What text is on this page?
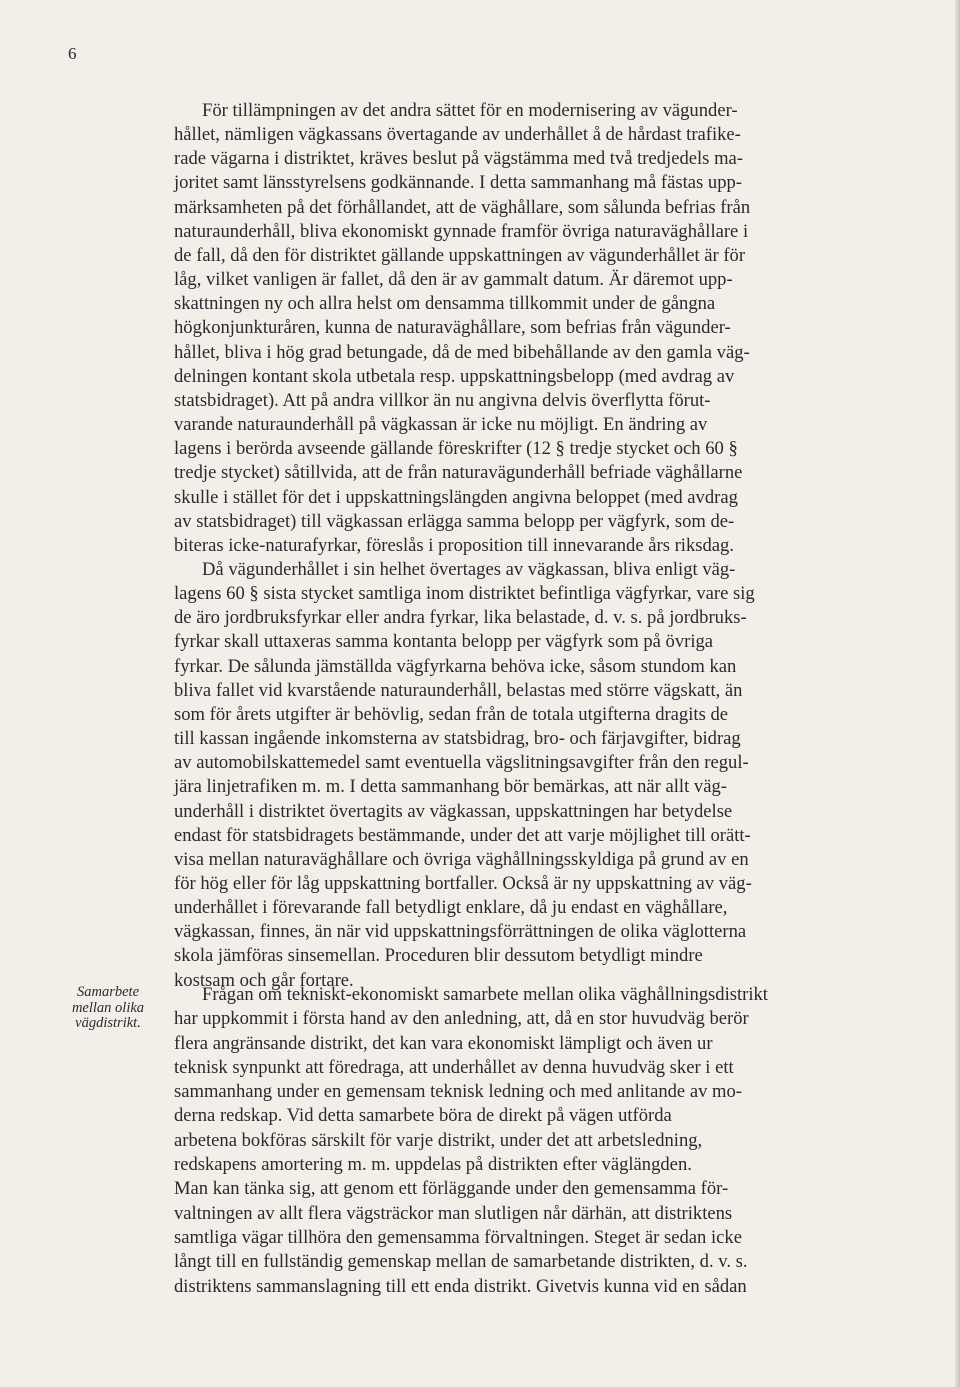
6
För tillämpningen av det andra sättet för en modernisering av vägunder-
hållet, nämligen vägkassans övertagande av underhållet å de hårdast trafike-
rade vägarna i distriktet, kräves beslut på vägstämma med två tredjedels ma-
joritet samt länsstyrelsens godkännande. I detta sammanhang må fästas upp-
märksamheten på det förhållandet, att de väghållare, som sålunda befrias från
naturaunderhåll, bliva ekonomiskt gynnade framför övriga naturaväghållare i
de fall, då den för distriktet gällande uppskattningen av vägunderhållet är för
låg, vilket vanligen är fallet, då den är av gammalt datum. Är däremot upp-
skattningen ny och allra helst om densamma tillkommit under de gångna
högkonjunkturåren, kunna de naturaväghållare, som befrias från vägunder-
hållet, bliva i hög grad betungade, då de med bibehållande av den gamla väg-
delningen kontant skola utbetala resp. uppskattningsbelopp (med avdrag av
statsbidraget). Att på andra villkor än nu angivna delvis överflytta förut-
varande naturaunderhåll på vägkassan är icke nu möjligt. En ändring av
lagens i berörda avseende gällande föreskrifter (12 § tredje stycket och 60 §
tredje stycket) såtillvida, att de från naturavägunderhåll befriade väghållarne
skulle i stället för det i uppskattningslängden angivna beloppet (med avdrag
av statsbidraget) till vägkassan erlägga samma belopp per vägfyrk, som de-
biteras icke-naturafyrkar, föreslås i proposition till innevarande års riksdag.
Då vägunderhållet i sin helhet övertages av vägkassan, bliva enligt väg-
lagens 60 § sista stycket samtliga inom distriktet befintliga vägfyrkar, vare sig
de äro jordbruksfyrkar eller andra fyrkar, lika belastade, d. v. s. på jordbruks-
fyrkar skall uttaxeras samma kontanta belopp per vägfyrk som på övriga
fyrkar. De sålunda jämställda vägfyrkarna behöva icke, såsom stundom kan
bliva fallet vid kvarstående naturaunderhåll, belastas med större vägskatt, än
som för årets utgifter är behövlig, sedan från de totala utgifterna dragits de
till kassan ingående inkomsterna av statsbidrag, bro- och färjavgifter, bidrag
av automobilskattemedel samt eventuella vägslitningsavgifter från den regul-
jära linjetrafiken m. m. I detta sammanhang bör bemärkas, att när allt väg-
underhåll i distriktet övertagits av vägkassan, uppskattningen har betydelse
endast för statsbidragets bestämmande, under det att varje möjlighet till orätt-
visa mellan naturaväghållare och övriga väghållningsskyldiga på grund av en
för hög eller för låg uppskattning bortfaller. Också är ny uppskattning av väg-
underhållet i förevarande fall betydligt enklare, då ju endast en väghållare,
vägkassan, finnes, än när vid uppskattningsförrättningen de olika väglotterna
skola jämföras sinsemellan. Proceduren blir dessutom betydligt mindre
kostsam och går fortare.
Samarbete
mellan olika
vägdistrikt.
Frågan om tekniskt-ekonomiskt samarbete mellan olika väghållningsdistrikt
har uppkommit i första hand av den anledning, att, då en stor huvudväg berör
flera angränsande distrikt, det kan vara ekonomiskt lämpligt och även ur
teknisk synpunkt att föredraga, att underhållet av denna huvudväg sker i ett
sammanhang under en gemensam teknisk ledning och med anlitande av mo-
derna redskap. Vid detta samarbete böra de direkt på vägen utförda
arbetena bokföras särskilt för varje distrikt, under det att arbetsledning,
redskapens amortering m. m. uppdelas på distrikten efter väglängden.
Man kan tänka sig, att genom ett förläggande under den gemensamma för-
valtningen av allt flera vägsträckor man slutligen når därhän, att distriktens
samtliga vägar tillhöra den gemensamma förvaltningen. Steget är sedan icke
långt till en fullständig gemenskap mellan de samarbetande distrikten, d. v. s.
distriktens sammanslagning till ett enda distrikt. Givetvis kunna vid en sådan
